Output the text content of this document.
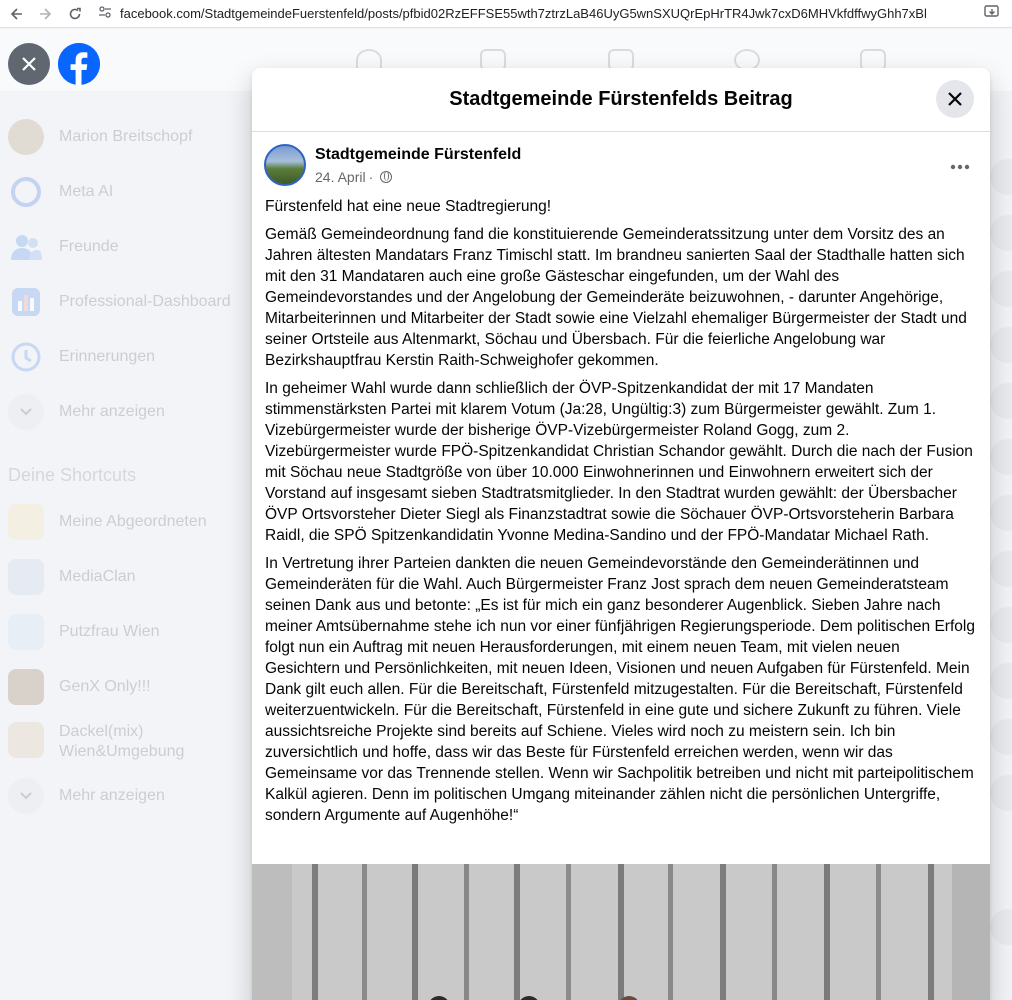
facebook.com/StadtgemeindeFuerstenfeld/posts/pfbid02RzEFFSE55wth7ztrzLaB46UyG5wnSXUQrEpHrTR4Jwk7cxD6MHVkfdffwyGhh7xBl
Stadtgemeinde Fürstenfelds Beitrag
Stadtgemeinde Fürstenfeld
24. April ·

Fürstenfeld hat eine neue Stadtregierung!

Gemäß Gemeindeordnung fand die konstituierende Gemeinderatssitzung unter dem Vorsitz des an Jahren ältesten Mandatars Franz Timischl statt. Im brandneu sanierten Saal der Stadthalle hatten sich mit den 31 Mandataren auch eine große Gästeschar eingefunden, um der Wahl des Gemeindevorstandes und der Angelobung der Gemeinderäte beizuwohnen, - darunter Angehörige, Mitarbeiterinnen und Mitarbeiter der Stadt sowie eine Vielzahl ehemaliger Bürgermeister der Stadt und seiner Ortsteile aus Altenmarkt, Söchau und Übersbach. Für die feierliche Angelobung war Bezirkshauptfrau Kerstin Raith-Schweighofer gekommen.

In geheimer Wahl wurde dann schließlich der ÖVP-Spitzenkandidat der mit 17 Mandaten stimmenstärksten Partei mit klarem Votum (Ja:28, Ungültig:3) zum Bürgermeister gewählt. Zum 1. Vizebürgermeister wurde der bisherige ÖVP-Vizebürgermeister Roland Gogg, zum 2. Vizebürgermeister wurde FPÖ-Spitzenkandidat Christian Schandor gewählt. Durch die nach der Fusion mit Söchau neue Stadtgröße von über 10.000 Einwohnerinnen und Einwohnern erweitert sich der Vorstand auf insgesamt sieben Stadtratsmitglieder. In den Stadtrat wurden gewählt: der Übersbacher ÖVP Ortsvorsteher Dieter Siegl als Finanzstadtrat sowie die Söchauer ÖVP-Ortsvorsteherin Barbara Raidl, die SPÖ Spitzenkandidatin Yvonne Medina-Sandino und der FPÖ-Mandatar Michael Rath.

In Vertretung ihrer Parteien dankten die neuen Gemeindevorstände den Gemeinderätinnen und Gemeinderäten für die Wahl. Auch Bürgermeister Franz Jost sprach dem neuen Gemeinderatsteam seinen Dank aus und betonte: „Es ist für mich ein ganz besonderer Augenblick. Sieben Jahre nach meiner Amtsübernahme stehe ich nun vor einer fünfjährigen Regierungsperiode. Dem politischen Erfolg folgt nun ein Auftrag mit neuen Herausforderungen, mit einem neuen Team, mit vielen neuen Gesichtern und Persönlichkeiten, mit neuen Ideen, Visionen und neuen Aufgaben für Fürstenfeld. Mein Dank gilt euch allen. Für die Bereitschaft, Fürstenfeld mitzugestalten. Für die Bereitschaft, Fürstenfeld weiterzuentwickeln. Für die Bereitschaft, Fürstenfeld in eine gute und sichere Zukunft zu führen. Viele aussichtsreiche Projekte sind bereits auf Schiene. Vieles wird noch zu meistern sein. Ich bin zuversichtlich und hoffe, dass wir das Beste für Fürstenfeld erreichen werden, wenn wir das Gemeinsame vor das Trennende stellen. Wenn wir Sachpolitik betreiben und nicht mit parteipolitischem Kalkül agieren. Denn im politischen Umgang miteinander zählen nicht die persönlichen Untergriffe, sondern Argumente auf Augenhöhe!“
